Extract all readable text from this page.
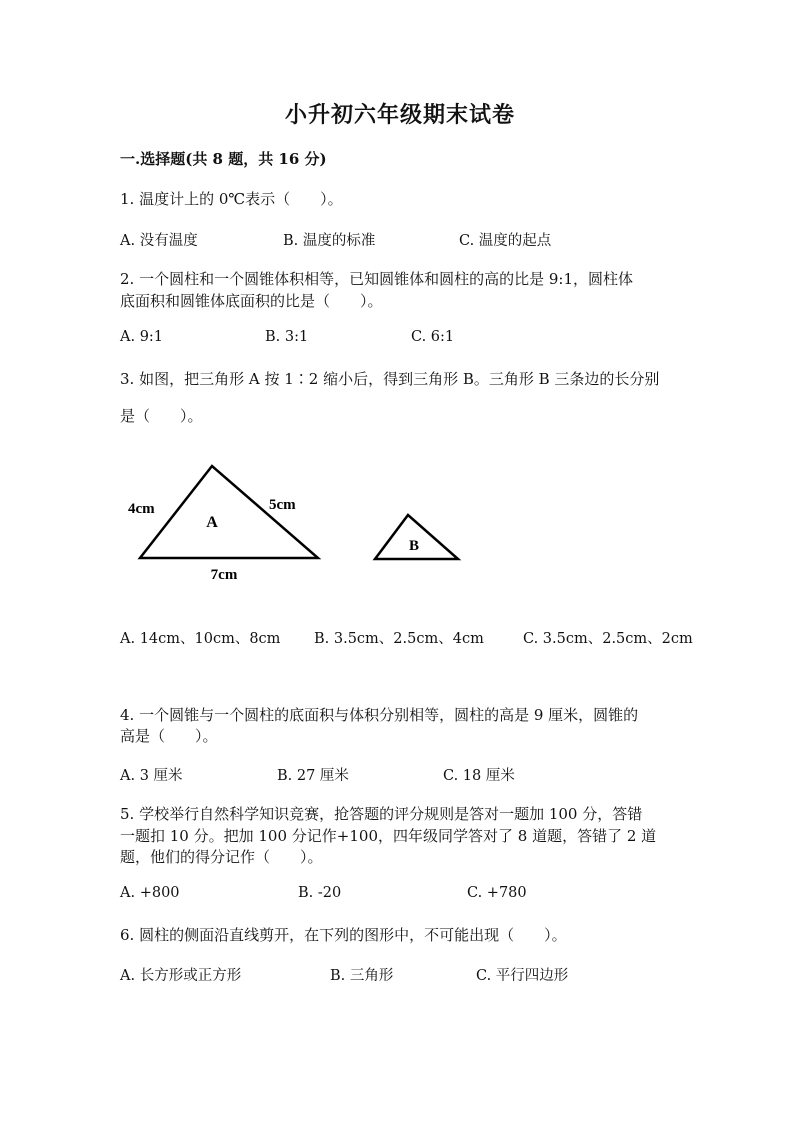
小升初六年级期末试卷
一.选择题(共 8 题，共 16 分)
1. 温度计上的 0℃表示（　　）。
A. 没有温度	B. 温度的标准	C. 温度的起点
2. 一个圆柱和一个圆锥体积相等，已知圆锥体和圆柱的高的比是 9:1，圆柱体
底面积和圆锥体底面积的比是（　　）。
A. 9:1	B. 3:1	C. 6:1
3. 如图，把三角形 A 按 1∶2 缩小后，得到三角形 B。三角形 B 三条边的长分别
是（　　）。
A
4cm	5cm
7cm
B
A. 14cm、10cm、8cm B. 3.5cm、2.5cm、4cm	C. 3.5cm、2.5cm、2cm
4. 一个圆锥与一个圆柱的底面积与体积分别相等，圆柱的高是 9 厘米，圆锥的
高是（　　）。
A. 3 厘米	B. 27 厘米	C. 18 厘米
5. 学校举行自然科学知识竞赛，抢答题的评分规则是答对一题加 100 分，答错
一题扣 10 分。把加 100 分记作+100，四年级同学答对了 8 道题，答错了 2 道
题，他们的得分记作（　　）。
A. +800	B. -20	C. +780
6. 圆柱的侧面沿直线剪开，在下列的图形中，不可能出现（　　）。
A. 长方形或正方形	B. 三角形	C. 平行四边形
